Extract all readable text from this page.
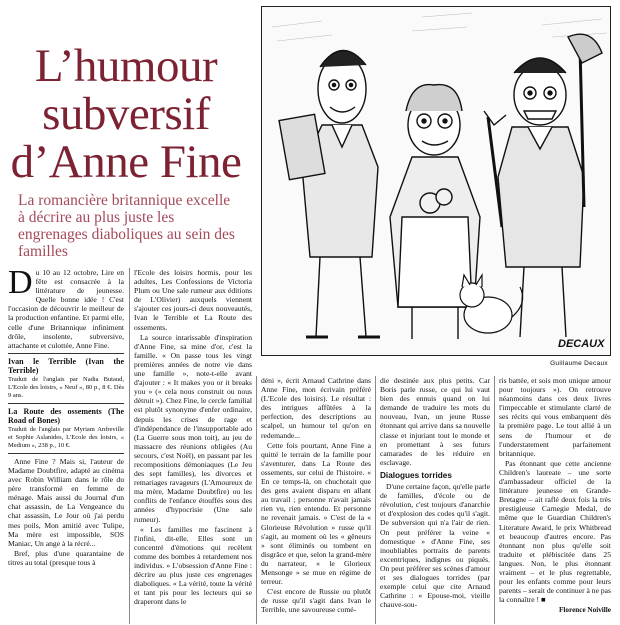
L’humour subversif d’Anne Fine
La romancière britannique excelle à décrire au plus juste les engrenages diaboliques au sein des familles
DECAUX
Guillaume Decaux

Du 10 au 12 octobre, Lire en fête est consacrée à la littérature de jeunesse. Quelle bonne idée ! C'est l'occasion de découvrir le meilleur de la production enfantine. Et parmi elle, celle d'une Britannique infiniment drôle, insolente, subversive, attachante et culottée, Anne Fine.

Ivan le Terrible (Ivan the Terrible)
Traduit de l'anglais par Nadia Butaud, L'Ecole des loisirs, « Neuf », 80 p., 8 €. Dès 9 ans.
La Route des ossements (The Road of Bones)
Traduit de l'anglais par Myriam Anfreville et Sophie Aslanides, L'Ecole des loisirs, « Medium », 238 p., 10 €.

Anne Fine ? Mais si, l'auteur de Madame Doubtfire, adapté au cinéma avec Robin William dans le rôle du père transformé en femme de ménage. Mais aussi du Journal d'un chat assassin, de La Vengeance du chat assassin, Le Jour où j'ai perdu mes poils, Mon amitié avec Tulipe, Ma mère est impossible, SOS Maniac, Un ange à la récré...

Bref, plus d'une quarantaine de titres au total (presque tous à

l'Ecole des loisirs hormis, pour les adultes, Les Confessions de Victoria Plum ou Une sale rumeur aux éditions de L'Olivier) auxquels viennent s'ajouter ces jours-ci deux nouveautés, Ivan le Terrible et La Route des ossements.

La source intarissable d'inspiration d'Anne Fine, sa mine d'or, c'est la famille. « On passe tous les vingt premières années de notre vie dans une famille », note-t-elle avant d'ajouter : « It makes you or it breaks you » (« cela nous construit ou nous détruit »). Chez Fine, le cercle familial est plutôt synonyme d'enfer ordinaire, depuis les crises de rage et d'indépendance de l'insupportable ado (La Guerre sous mon toit), au jeu de massacre des réunions obligées (Au secours, c'est Noël), en passant par les recompositions démoniaques (Le Jeu des sept familles), les divorces et remariages ravageurs (L'Amoureux de ma mère, Madame Doubtfire) ou les conflits de l'enfance étouffés sous des années d'hypocrisie (Une sale rumeur).

« Les familles me fascinent à l'infini, dit-elle. Elles sont un concentré d'émotions qui recèlent comme des bombes à retardement nos individus. » L'obsession d'Anne Fine : décrire au plus juste ces engrenages diaboliques. « La vérité, toute la vérité et tant pis pour les lecteurs qui se draperont dans le

déni », écrit Arnaud Cathrine dans Anne Fine, mon écrivain préféré (L'Ecole des loisirs). Le résultat : des intrigues affûtées à la perfection, des descriptions au scalpel, un humour tel qu'on en redemande...

Cette fois pourtant, Anne Fine a quitté le terrain de la famille pour s'aventurer, dans La Route des ossements, sur celui de l'histoire. « En ce temps-là, on chuchotait que des gens avaient disparu en allant au travail ; personne n'avait jamais rien vu, rien entendu. Et personne ne revenait jamais. » C'est de la « Glorieuse Révolution » russe qu'il s'agit, au moment où les « gêneurs » sont éliminés ou tombent en disgrâce et que, selon la grand-mère du narrateur, « le Glorieux Mensonge » se mue en régime de terreur.

C'est encore de Russie ou plutôt de russe qu'il s'agit dans Ivan le Terrible, une savoureuse comé-

die destinée aux plus petits. Car Boris parle russe, ce qui lui vaut bien des ennuis quand on lui demande de traduire les mots du nouveau, Ivan, un jeune Russe étonnant qui arrive dans sa nouvelle classe et injuriant tout le monde et en promettant à ses futurs camarades de les réduire en esclavage.

Dialogues torrides

D'une certaine façon, qu'elle parle de familles, d'école ou de révolution, c'est toujours d'anarchie et d'explosion des codes qu'il s'agit. De subversion qui n'a l'air de rien. On peut préférer la veine « domestique » d'Anne Fine, ses inoubliables portraits de parents excentriques, indignes ou piqués. On peut préférer ses scènes d'amour et ses dialogues torrides (par exemple celui que cite Arnaud Cathrine : « Epouse-moi, vieille chauve-sou-

ris battée, et sois mon unique amour pour toujours »). On retrouve néanmoins dans ces deux livres l'impeccable et stimulante clarté de ses récits qui vous embarquent dès la première page. Le tout allié à un sens de l'humour et de l'understatement parfaitement britannique.

Pas étonnant que cette ancienne Children's laureate – une sorte d'ambassadeur officiel de la littérature jeunesse en Grande-Bretagne – ait raflé deux fois la très prestigieuse Carnegie Medal, de même que le Guardian Children's Literature Award, le prix Whitbread et beaucoup d'autres encore. Pas étonnant non plus qu'elle soit traduite et plébiscitée dans 25 langues. Non, le plus étonnant vraiment – et le plus regrettable, pour les enfants comme pour leurs parents – serait de continuer à ne pas la connaître ! ■

Florence Noiville
